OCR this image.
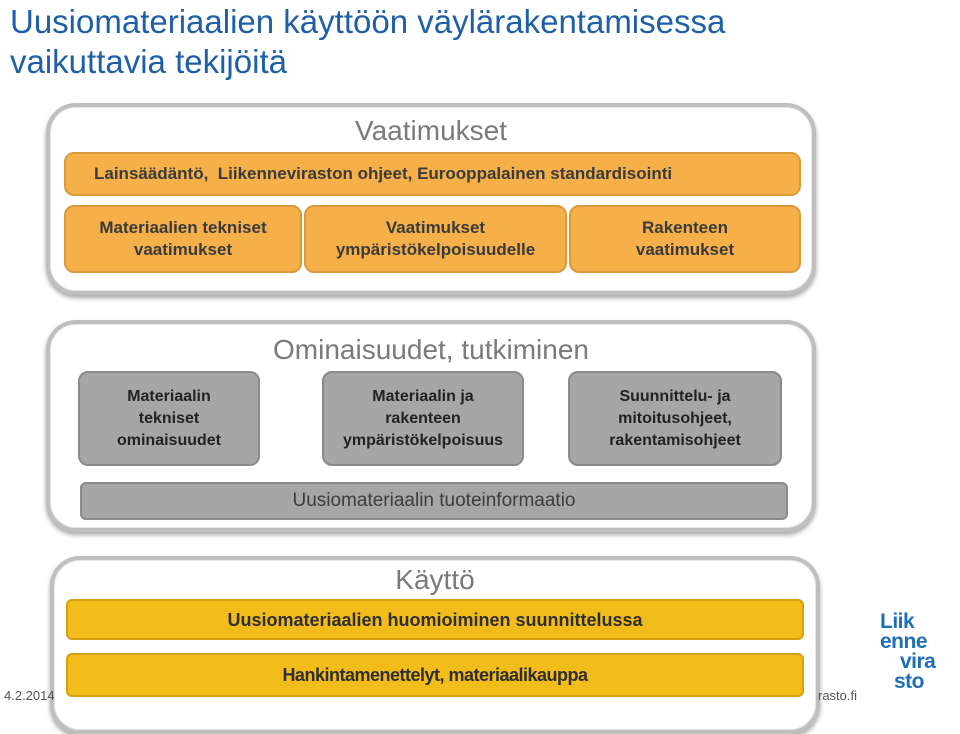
Uusiomateriaalien käyttöön väylärakentamisessa
vaikuttavia tekijöitä
Vaatimukset
Lainsäädäntö,  Liikenneviraston ohjeet, Eurooppalainen standardisointi
Materiaalien tekniset
vaatimukset
Vaatimukset
ympäristökelpoisuudelle
Rakenteen
vaatimukset
Ominaisuudet, tutkiminen
Materiaalin
tekniset
ominaisuudet
Materiaalin ja
rakenteen
ympäristökelpoisuus
Suunnittelu- ja
mitoitusohjeet,
rakentamisohjeet
Uusiomateriaalin tuoteinformaatio
Käyttö
Uusiomateriaalien huomioiminen suunnittelussa
Hankintamenettelyt, materiaalikauppa
4.2.2014	rasto.fi
Liik
enne
vira
sto
